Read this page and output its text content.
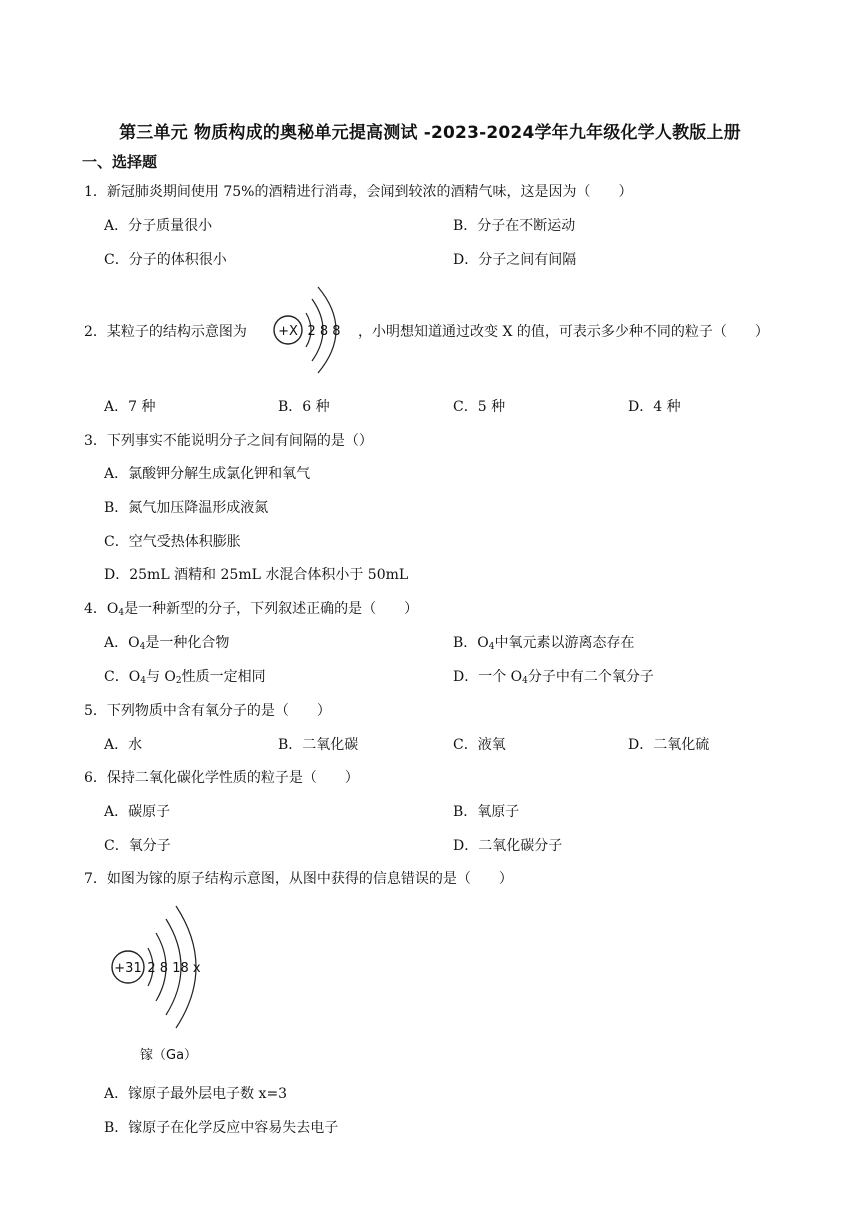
第三单元 物质构成的奥秘单元提高测试 -2023-2024学年九年级化学人教版上册
一、选择题
1．新冠肺炎期间使用 75%的酒精进行消毒，会闻到较浓的酒精气味，这是因为（　　）
A．分子质量很小	B．分子在不断运动
C．分子的体积很小	D．分子之间有间隔
2．某粒子的结构示意图为 +X 2 8 8 ，小明想知道通过改变 X 的值，可表示多少种不同的粒子（　　）
A．7 种	B．6 种	C．5 种	D．4 种
3．下列事实不能说明分子之间有间隔的是（）
A．氯酸钾分解生成氯化钾和氧气
B．氮气加压降温形成液氮
C．空气受热体积膨胀
D．25mL 酒精和 25mL 水混合体积小于 50mL
4．$O_4$是一种新型的分子，下列叙述正确的是（　　）
A．$O_4$是一种化合物	B．$O_4$中氧元素以游离态存在
C．$O_4$与 $O_2$性质一定相同	D．一个 $O_4$分子中有二个氧分子
5．下列物质中含有氧分子的是（　　）
A．水	B．二氧化碳	C．液氧	D．二氧化硫
6．保持二氧化碳化学性质的粒子是（　　）
A．碳原子	B．氧原子
C．氧分子	D．二氧化碳分子
7．如图为镓的原子结构示意图，从图中获得的信息错误的是（　　）
+31 2 8 18 x
镓（Ga）
A．镓原子最外层电子数 x=3
B．镓原子在化学反应中容易失去电子
